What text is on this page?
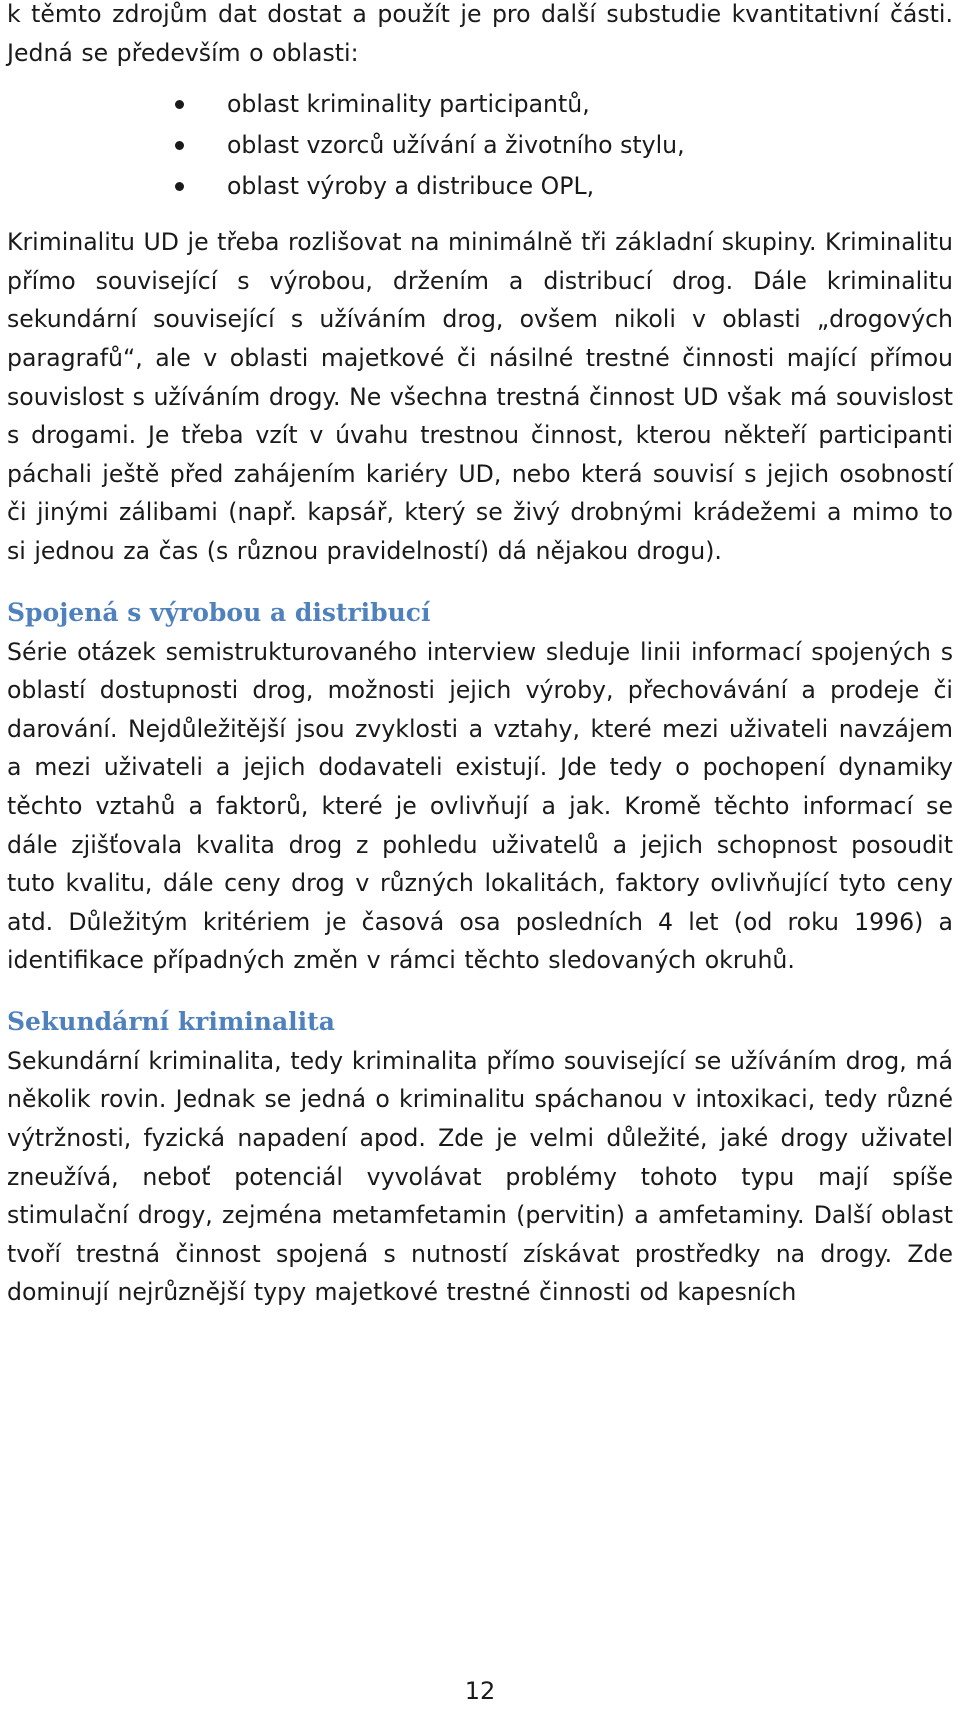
k těmto zdrojům dat dostat a použít je pro další substudie kvantitativní části. Jedná se především o oblasti:

oblast kriminality participantů,
oblast vzorců užívání a životního stylu,
oblast výroby a distribuce OPL,

Kriminalitu UD je třeba rozlišovat na minimálně tři základní skupiny. Kriminalitu přímo související s výrobou, držením a distribucí drog. Dále kriminalitu sekundární související s užíváním drog, ovšem nikoli v oblasti „drogových paragrafů“, ale v oblasti majetkové či násilné trestné činnosti mající přímou souvislost s užíváním drogy. Ne všechna trestná činnost UD však má souvislost s drogami. Je třeba vzít v úvahu trestnou činnost, kterou někteří participanti páchali ještě před zahájením kariéry UD, nebo která souvisí s jejich osobností či jinými zálibami (např. kapsář, který se živý drobnými krádežemi a mimo to si jednou za čas (s různou pravidelností) dá nějakou drogu).

Spojená s výrobou a distribucí

Série otázek semistrukturovaného interview sleduje linii informací spojených s oblastí dostupnosti drog, možnosti jejich výroby, přechovávání a prodeje či darování. Nejdůležitější jsou zvyklosti a vztahy, které mezi uživateli navzájem a mezi uživateli a jejich dodavateli existují. Jde tedy o pochopení dynamiky těchto vztahů a faktorů, které je ovlivňují a jak. Kromě těchto informací se dále zjišťovala kvalita drog z pohledu uživatelů a jejich schopnost posoudit tuto kvalitu, dále ceny drog v různých lokalitách, faktory ovlivňující tyto ceny atd. Důležitým kritériem je časová osa posledních 4 let (od roku 1996) a identifikace případných změn v rámci těchto sledovaných okruhů.

Sekundární kriminalita

Sekundární kriminalita, tedy kriminalita přímo související se užíváním drog, má několik rovin. Jednak se jedná o kriminalitu spáchanou v intoxikaci, tedy různé výtržnosti, fyzická napadení apod. Zde je velmi důležité, jaké drogy uživatel zneužívá, neboť potenciál vyvolávat problémy tohoto typu mají spíše stimulační drogy, zejména metamfetamin (pervitin) a amfetaminy. Další oblast tvoří trestná činnost spojená s nutností získávat prostředky na drogy. Zde dominují nejrůznější typy majetkové trestné činnosti od kapesních

12
